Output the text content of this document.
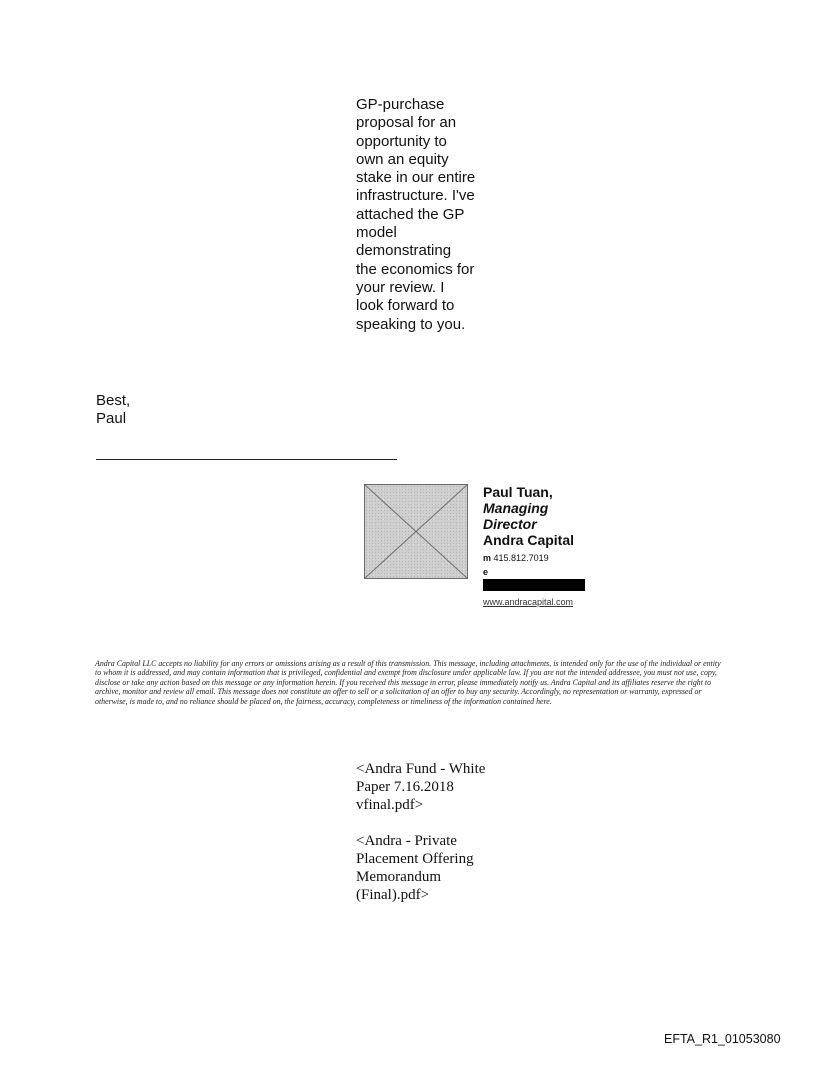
GP-purchase proposal for an opportunity to own an equity stake in our entire infrastructure. I've attached the GP model demonstrating the economics for your review. I look forward to speaking to you.

Best,
Paul
Paul Tuan,
Managing Director
Andra Capital
m 415.812.7019
e
www.andracapital.com

Andra Capital LLC accepts no liability for any errors or omissions arising as a result of this transmission. This message, including attachments, is intended only for the use of the individual or entity to whom it is addressed, and may contain information that is privileged, confidential and exempt from disclosure under applicable law. If you are not the intended addressee, you must not use, copy, disclose or take any action based on this message or any information herein. If you received this message in error, please immediately notify us. Andra Capital and its affiliates reserve the right to archive, monitor and review all email. This message does not constitute an offer to sell or a solicitation of an offer to buy any security. Accordingly, no representation or warranty, expressed or otherwise, is made to, and no reliance should be placed on, the fairness, accuracy, completeness or timeliness of the information contained here.

<Andra Fund - White Paper 7.16.2018 vfinal.pdf>

<Andra - Private Placement Offering Memorandum (Final).pdf>

EFTA_R1_01053080
